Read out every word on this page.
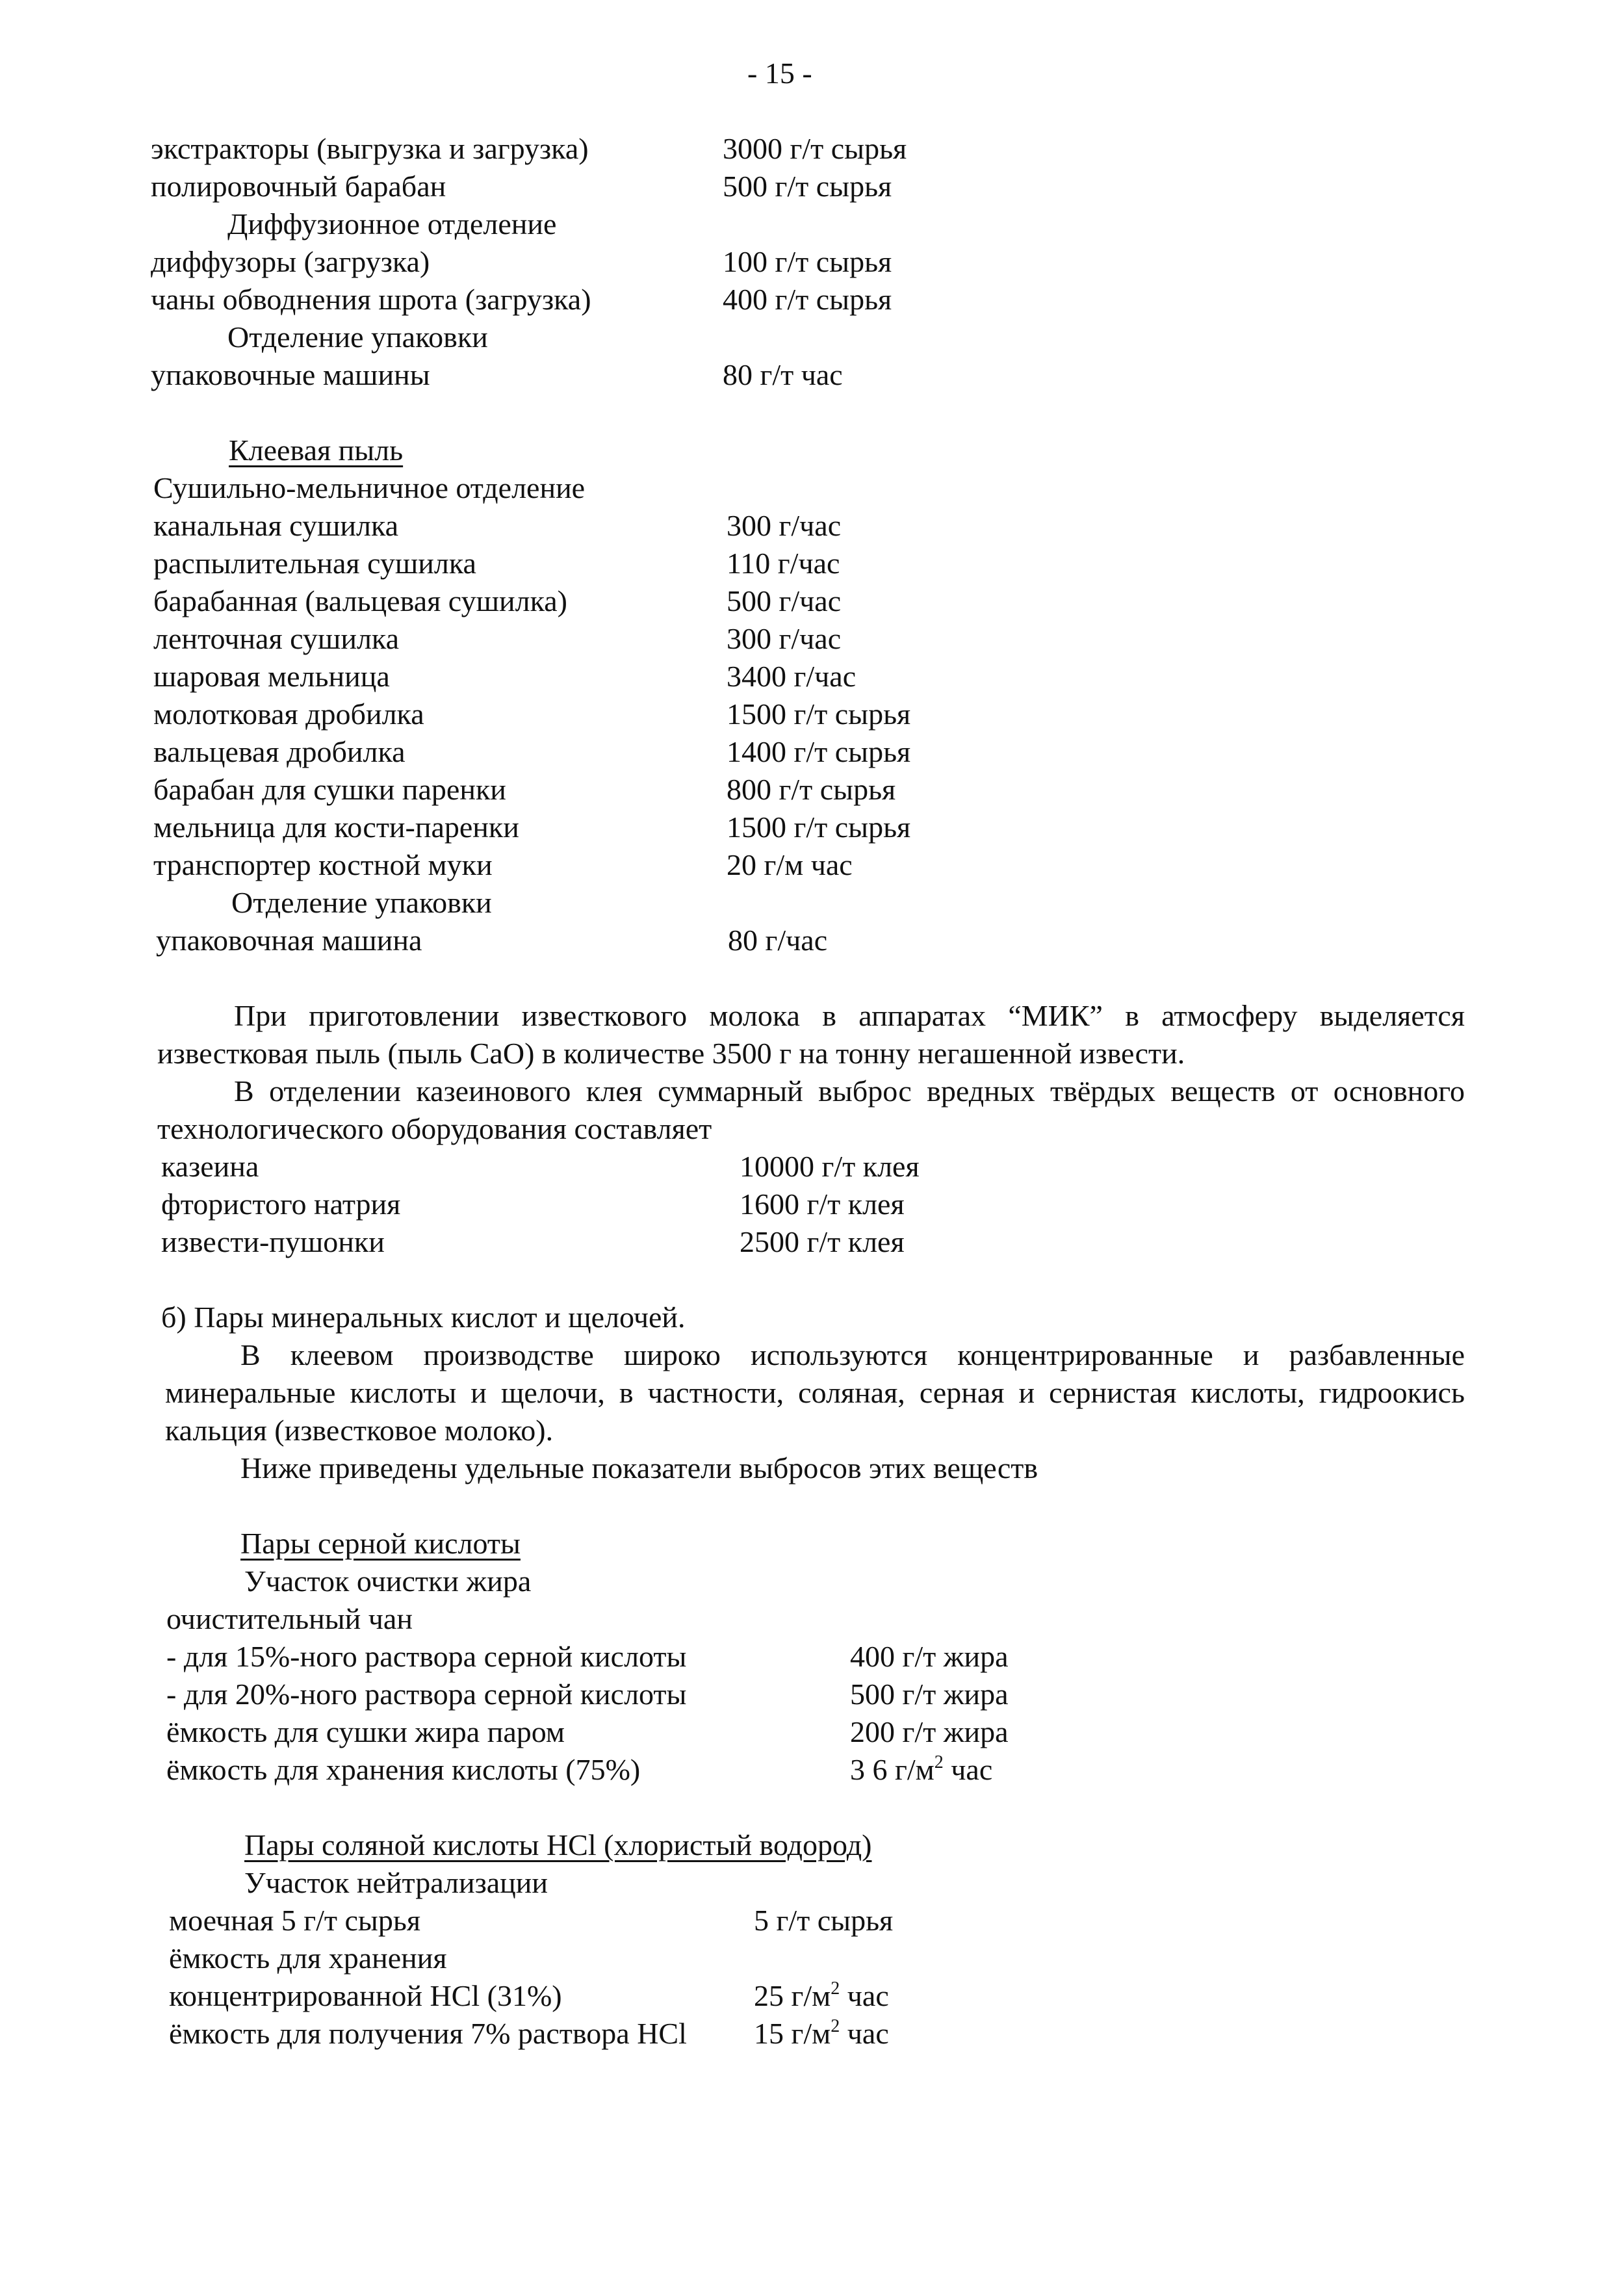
- 15 -
экстракторы (выгрузка и загрузка)	3000 г/т сырья
полировочный барабан	500 г/т сырья
Диффузионное отделение
диффузоры (загрузка)	100 г/т сырья
чаны обводнения шрота (загрузка)	400 г/т сырья
Отделение упаковки
упаковочные машины	80 г/т час
Клеевая пыль
Сушильно-мельничное отделение
канальная сушилка	300 г/час
распылительная сушилка	110 г/час
барабанная (вальцевая сушилка)	500 г/час
ленточная сушилка	300 г/час
шаровая мельница	3400 г/час
молотковая дробилка	1500 г/т сырья
вальцевая дробилка	1400 г/т сырья
барабан для сушки паренки	800 г/т сырья
мельница для кости-паренки	1500 г/т сырья
транспортер костной муки	20 г/м час
Отделение упаковки
упаковочная машина	80 г/час
При приготовлении известкового молока в аппаратах “МИК” в атмосферу выделяется известковая пыль (пыль CaO) в количестве 3500 г на тонну негашенной извести.
В отделении казеинового клея суммарный выброс вредных твёрдых веществ от основного технологического оборудования составляет
казеина	10000 г/т клея
фтористого натрия	1600 г/т клея
извести-пушонки	2500 г/т клея
б) Пары минеральных кислот и щелочей.
В клеевом производстве широко используются концентрированные и разбавленные минеральные кислоты и щелочи, в частности, соляная, серная и сернистая кислоты, гидроокись кальция (известковое молоко).
Ниже приведены удельные показатели выбросов этих веществ
Пары серной кислоты
Участок очистки жира
очистительный чан
- для 15%-ного раствора серной кислоты	400 г/т жира
- для 20%-ного раствора серной кислоты	500 г/т жира
ёмкость для сушки жира паром	200 г/т жира
ёмкость для хранения кислоты (75%)	3 6 $г/м^2$ час
Пары соляной кислоты HCl (хлористый водород)
Участок нейтрализации
моечная 5 г/т сырья	5 г/т сырья
ёмкость для хранения
концентрированной HCl (31%)	25 $г/м^2$ час
ёмкость для получения 7% раствора HCl 15 $г/м^2$ час
